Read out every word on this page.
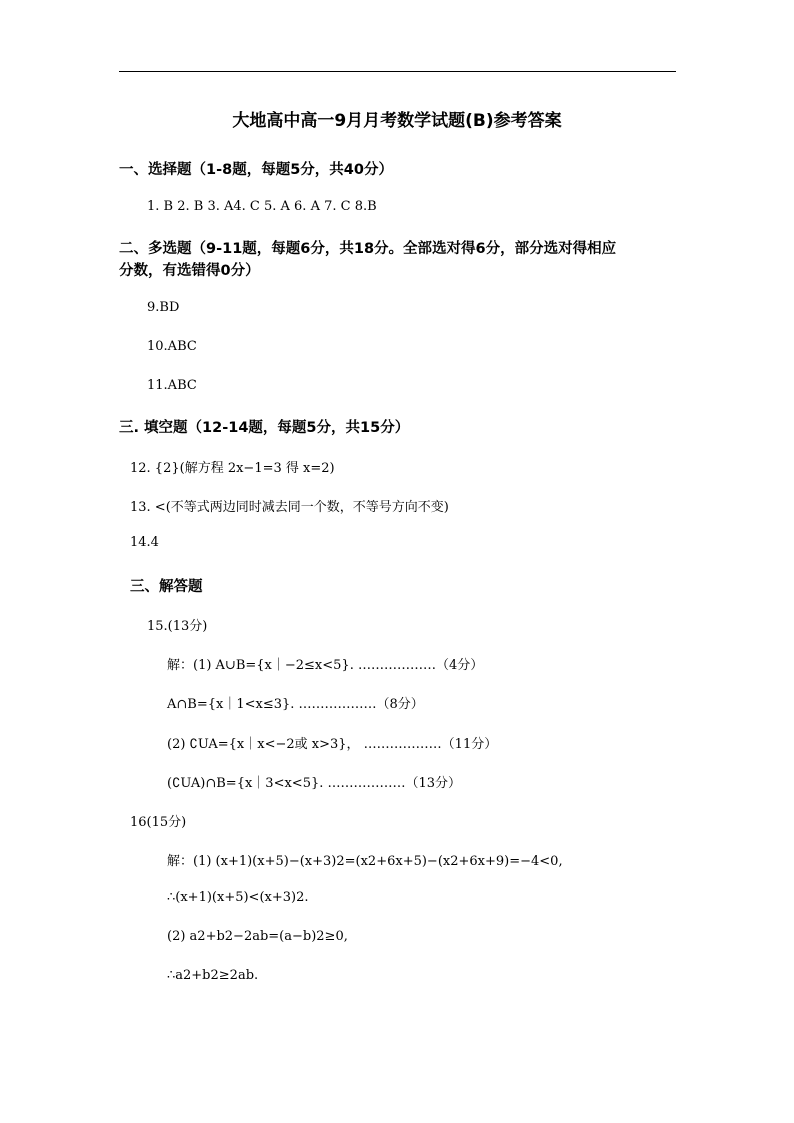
大地高中高一9月月考数学试题(B)参考答案
一、选择题（1-8题，每题5分，共40分）
1. B 2. B 3. A4. C 5. A 6. A 7. C 8.B
二、多选题（9-11题，每题6分，共18分。全部选对得6分，部分选对得相应
分数，有选错得0分）
9.BD
10.ABC
11.ABC
三. 填空题（12-14题，每题5分，共15分）
12. {2}(解方程 2x−1=3 得 x=2)
13. <(不等式两边同时减去同一个数，不等号方向不变)
14.4
三、解答题
15.(13分)
解：(1) A∪B={x｜−2≤x<5}. ………………（4分）
A∩B={x｜1<x≤3}. ………………（8分）
(2) ∁UA={x｜x<−2或 x>3}， ………………（11分）
(∁UA)∩B={x｜3<x<5}. ………………（13分）
16(15分)
解：(1) (x+1)(x+5)−(x+3)2=(x2+6x+5)−(x2+6x+9)=−4<0,
∴(x+1)(x+5)<(x+3)2.
(2) a2+b2−2ab=(a−b)2≥0,
∴a2+b2≥2ab.
